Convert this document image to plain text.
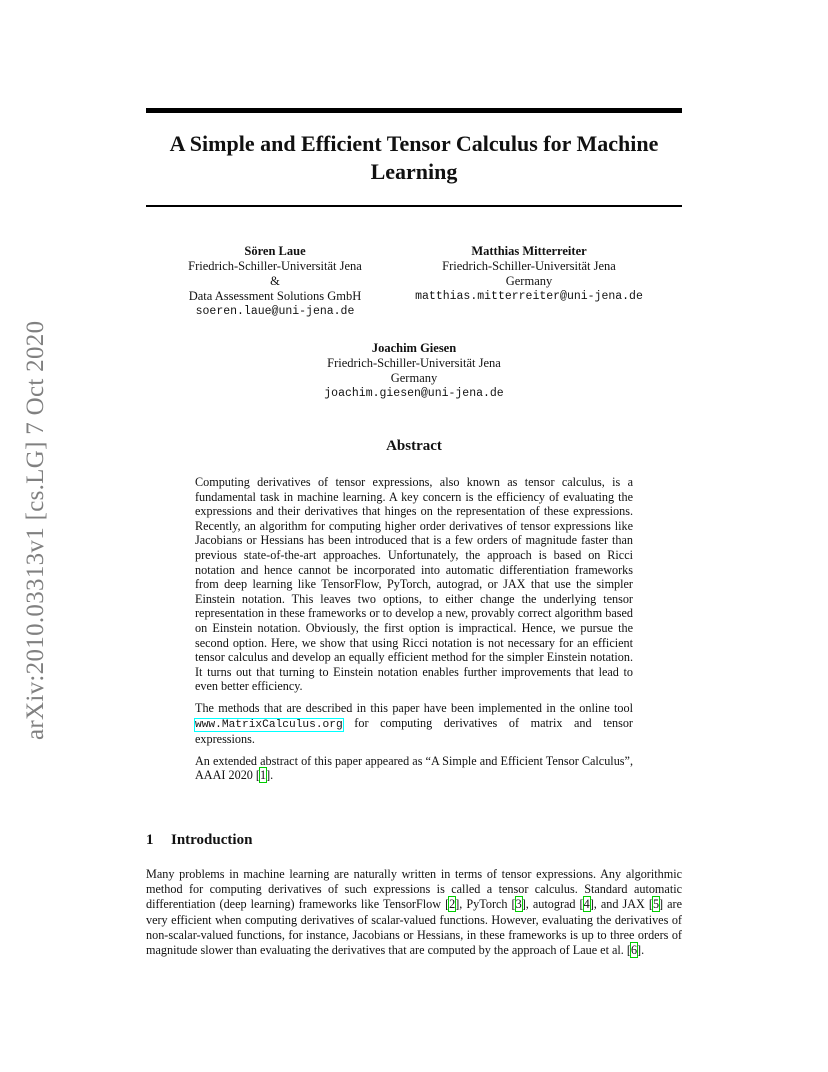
arXiv:2010.03313v1 [cs.LG] 7 Oct 2020
A Simple and Efficient Tensor Calculus for Machine Learning
Sören Laue
Friedrich-Schiller-Universität Jena
&
Data Assessment Solutions GmbH
soeren.laue@uni-jena.de
Matthias Mitterreiter
Friedrich-Schiller-Universität Jena
Germany
matthias.mitterreiter@uni-jena.de
Joachim Giesen
Friedrich-Schiller-Universität Jena
Germany
joachim.giesen@uni-jena.de
Abstract

Computing derivatives of tensor expressions, also known as tensor calculus, is a fundamental task in machine learning. A key concern is the efficiency of evaluating the expressions and their derivatives that hinges on the representation of these expressions. Recently, an algorithm for computing higher order derivatives of tensor expressions like Jacobians or Hessians has been introduced that is a few orders of magnitude faster than previous state-of-the-art approaches. Unfortunately, the approach is based on Ricci notation and hence cannot be incorporated into automatic differentiation frameworks from deep learning like TensorFlow, PyTorch, autograd, or JAX that use the simpler Einstein notation. This leaves two options, to either change the underlying tensor representation in these frameworks or to develop a new, provably correct algorithm based on Einstein notation. Obviously, the first option is impractical. Hence, we pursue the second option. Here, we show that using Ricci notation is not necessary for an efficient tensor calculus and develop an equally efficient method for the simpler Einstein notation. It turns out that turning to Einstein notation enables further improvements that lead to even better efficiency.

The methods that are described in this paper have been implemented in the online tool www.MatrixCalculus.org for computing derivatives of matrix and tensor expressions.

An extended abstract of this paper appeared as “A Simple and Efficient Tensor Calculus”, AAAI 2020 [1].

1 Introduction

Many problems in machine learning are naturally written in terms of tensor expressions. Any algorithmic method for computing derivatives of such expressions is called a tensor calculus. Standard automatic differentiation (deep learning) frameworks like TensorFlow [2], PyTorch [3], autograd [4], and JAX [5] are very efficient when computing derivatives of scalar-valued functions. However, evaluating the derivatives of non-scalar-valued functions, for instance, Jacobians or Hessians, in these frameworks is up to three orders of magnitude slower than evaluating the derivatives that are computed by the approach of Laue et al. [6].
